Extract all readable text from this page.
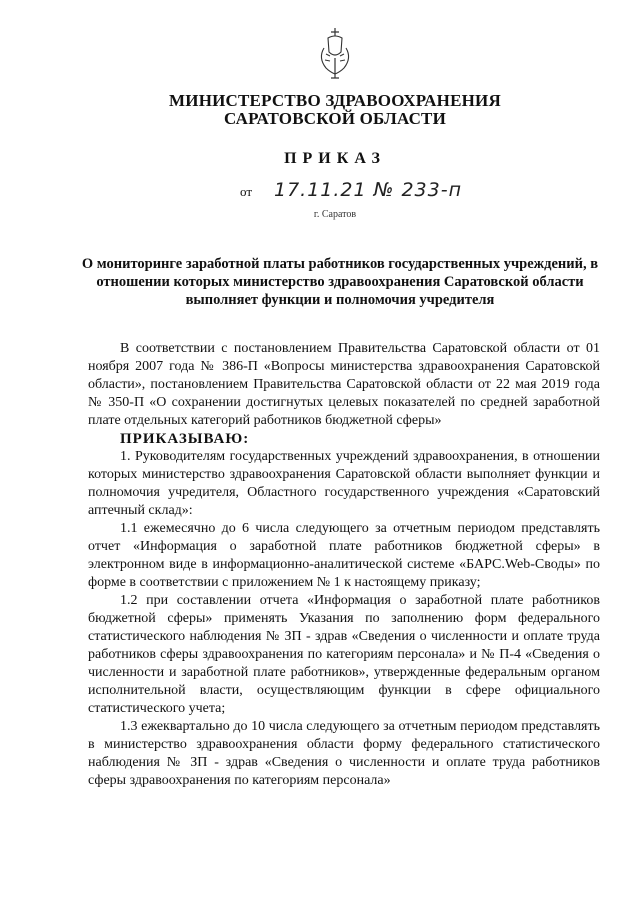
МИНИСТЕРСТВО ЗДРАВООХРАНЕНИЯ
САРАТОВСКОЙ ОБЛАСТИ
ПРИКАЗ
от 17.11.21 № 233-п
г. Саратов
О мониторинге заработной платы работников государственных учреждений, в отношении которых министерство здравоохранения Саратовской области выполняет функции и полномочия учредителя

В соответствии с постановлением Правительства Саратовской области от 01 ноября 2007 года № 386-П «Вопросы министерства здравоохранения Саратовской области», постановлением Правительства Саратовской области от 22 мая 2019 года № 350-П «О сохранении достигнутых целевых показателей по средней заработной плате отдельных категорий работников бюджетной сферы»

ПРИКАЗЫВАЮ:

1. Руководителям государственных учреждений здравоохранения, в отношении которых министерство здравоохранения Саратовской области выполняет функции и полномочия учредителя, Областного государственного учреждения «Саратовский аптечный склад»:

1.1 ежемесячно до 6 числа следующего за отчетным периодом представлять отчет «Информация о заработной плате работников бюджетной сферы» в электронном виде в информационно-аналитической системе «БАРС.Web-Своды» по форме в соответствии с приложением № 1 к настоящему приказу;

1.2 при составлении отчета «Информация о заработной плате работников бюджетной сферы» применять Указания по заполнению форм федерального статистического наблюдения № ЗП - здрав «Сведения о численности и оплате труда работников сферы здравоохранения по категориям персонала» и № П-4 «Сведения о численности и заработной плате работников», утвержденные федеральным органом исполнительной власти, осуществляющим функции в сфере официального статистического учета;

1.3 ежеквартально до 10 числа следующего за отчетным периодом представлять в министерство здравоохранения области форму федерального статистического наблюдения № ЗП - здрав «Сведения о численности и оплате труда работников сферы здравоохранения по категориям персонала»
